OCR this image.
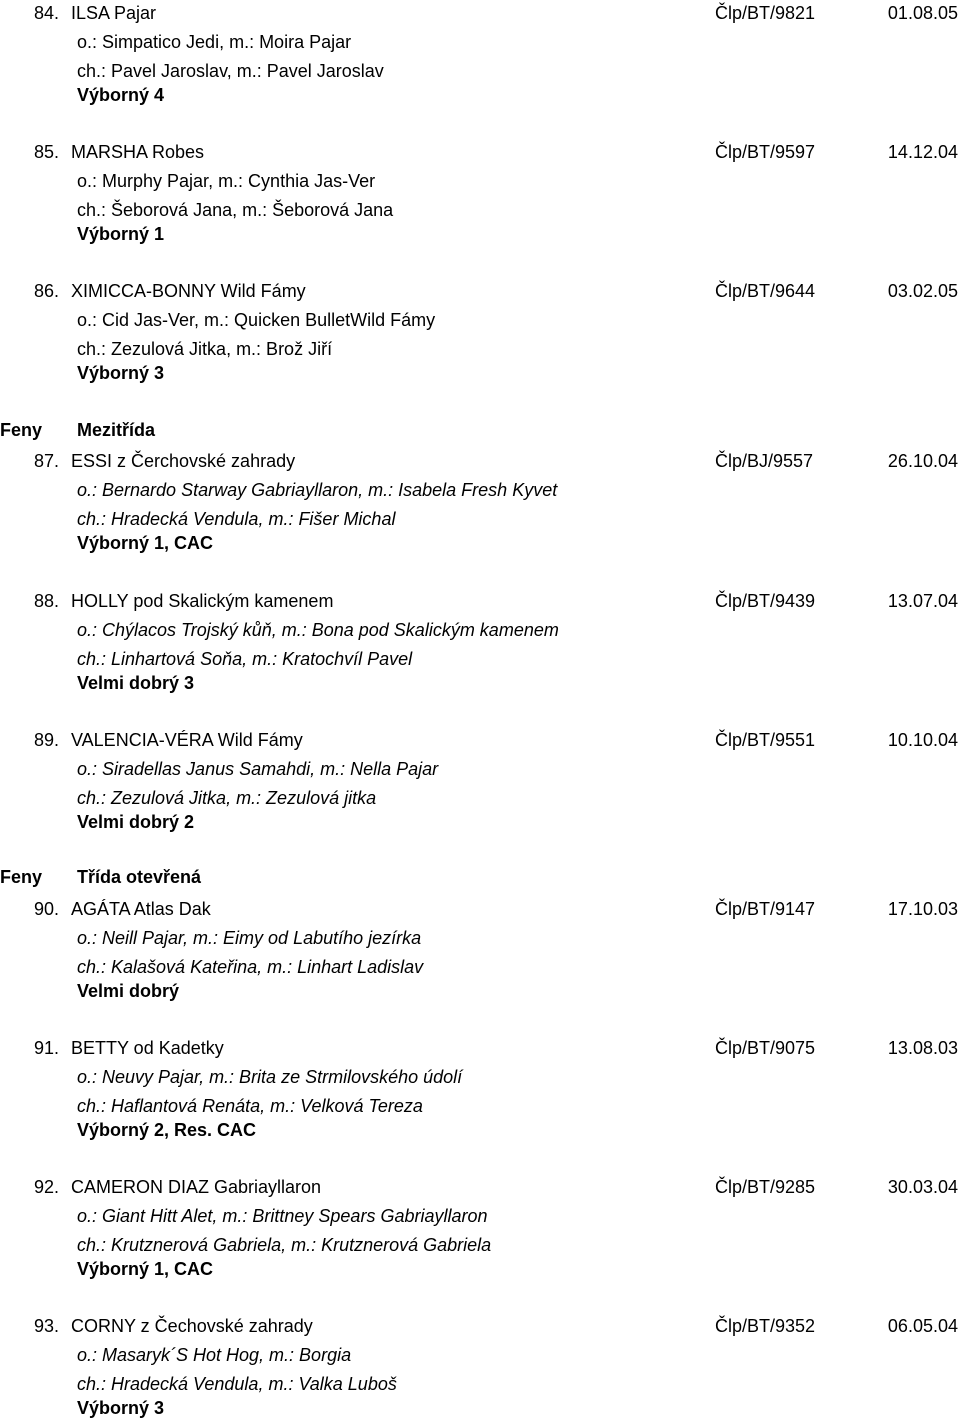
84. ILSA Pajar	Člp/BT/9821	01.08.05
o.: Simpatico Jedi, m.: Moira Pajar
ch.: Pavel Jaroslav, m.: Pavel Jaroslav
Výborný 4
85. MARSHA Robes	Člp/BT/9597	14.12.04
o.: Murphy Pajar, m.: Cynthia Jas-Ver
ch.: Šeborová Jana, m.: Šeborová Jana
Výborný 1
86. XIMICCA-BONNY Wild Fámy	Člp/BT/9644	03.02.05
o.: Cid Jas-Ver, m.: Quicken BulletWild Fámy
ch.: Zezulová Jitka, m.: Brož Jiří
Výborný 3
Feny Mezitřída
87. ESSI z Čerchovské zahrady	Člp/BJ/9557	26.10.04
o.: Bernardo Starway Gabriayllaron, m.: Isabela Fresh Kyvet
ch.: Hradecká Vendula, m.: Fišer Michal
Výborný 1, CAC
88. HOLLY pod Skalickým kamenem	Člp/BT/9439	13.07.04
o.: Chýlacos Trojský kůň, m.: Bona pod Skalickým kamenem
ch.: Linhartová Soňa, m.: Kratochvíl Pavel
Velmi dobrý 3
89. VALENCIA-VÉRA Wild Fámy	Člp/BT/9551	10.10.04
o.: Siradellas Janus Samahdi, m.: Nella Pajar
ch.: Zezulová Jitka, m.: Zezulová jitka
Velmi dobrý 2
Feny Třída otevřená
90. AGÁTA Atlas Dak	Člp/BT/9147	17.10.03
o.: Neill Pajar, m.: Eimy od Labutího jezírka
ch.: Kalašová Kateřina, m.: Linhart Ladislav
Velmi dobrý
91. BETTY od Kadetky	Člp/BT/9075	13.08.03
o.: Neuvy Pajar, m.: Brita ze Strmilovského údolí
ch.: Haflantová Renáta, m.: Velková Tereza
Výborný 2, Res. CAC
92. CAMERON DIAZ Gabriayllaron	Člp/BT/9285	30.03.04
o.: Giant Hitt Alet, m.: Brittney Spears Gabriayllaron
ch.: Krutznerová Gabriela, m.: Krutznerová Gabriela
Výborný 1, CAC
93. CORNY z Čechovské zahrady	Člp/BT/9352	06.05.04
o.: Masaryk´S Hot Hog, m.: Borgia
ch.: Hradecká Vendula, m.: Valka Luboš
Výborný 3
